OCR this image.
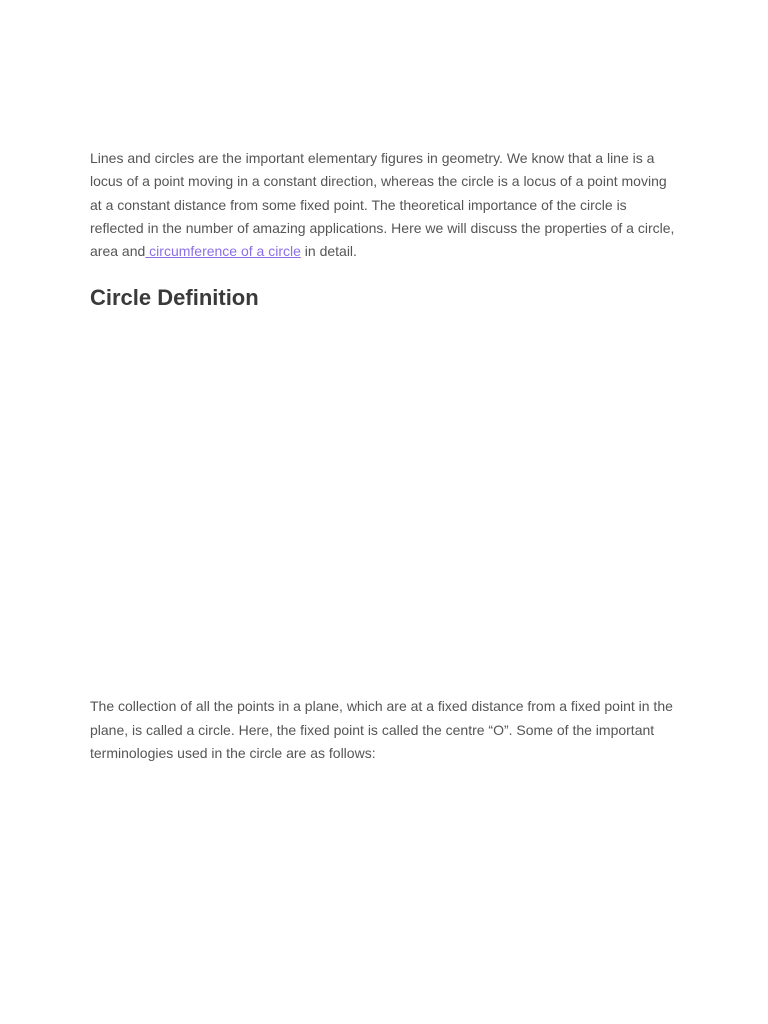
Lines and circles are the important elementary figures in geometry. We know that a line is a locus of a point moving in a constant direction, whereas the circle is a locus of a point moving at a constant distance from some fixed point. The theoretical importance of the circle is reflected in the number of amazing applications. Here we will discuss the properties of a circle, area and circumference of a circle in detail.

Circle Definition

The collection of all the points in a plane, which are at a fixed distance from a fixed point in the plane, is called a circle. Here, the fixed point is called the centre “O”. Some of the important terminologies used in the circle are as follows:
